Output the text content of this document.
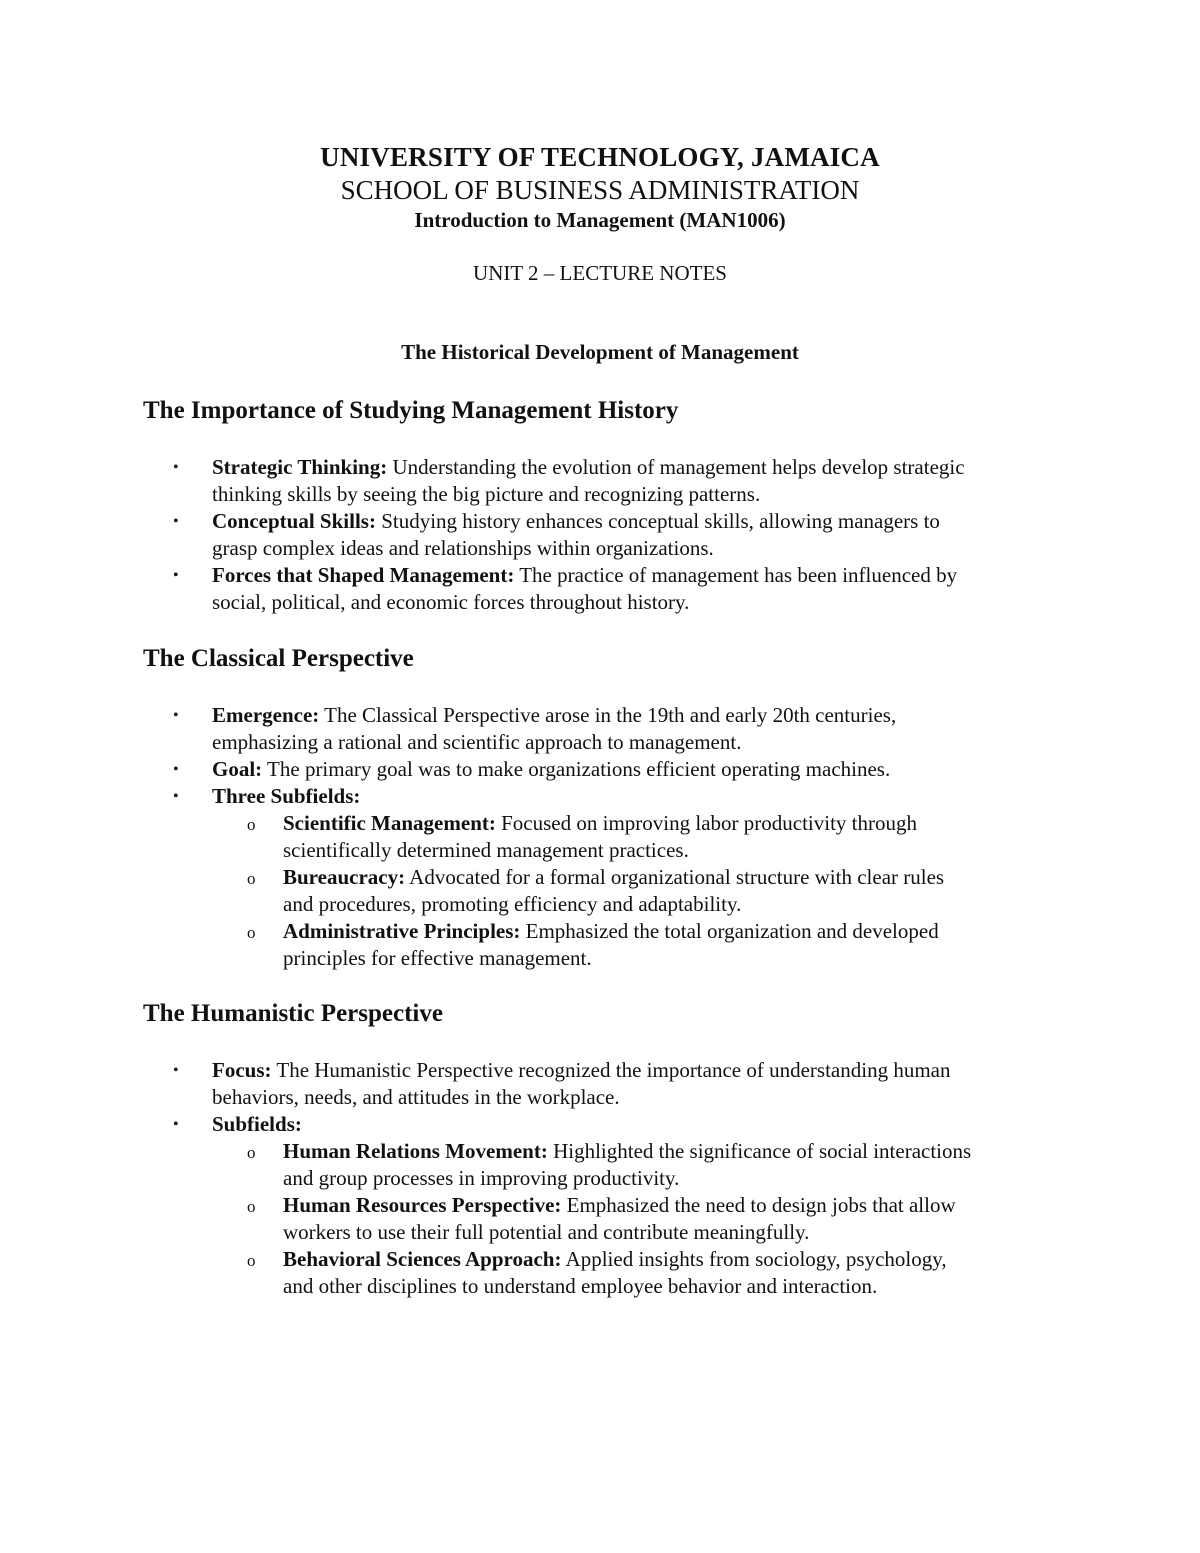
UNIVERSITY OF TECHNOLOGY, JAMAICA
SCHOOL OF BUSINESS ADMINISTRATION
Introduction to Management (MAN1006)
UNIT 2 – LECTURE NOTES
The Historical Development of Management
The Importance of Studying Management History
• Strategic Thinking: Understanding the evolution of management helps develop strategic
thinking skills by seeing the big picture and recognizing patterns.
• Conceptual Skills: Studying history enhances conceptual skills, allowing managers to
grasp complex ideas and relationships within organizations.
• Forces that Shaped Management: The practice of management has been influenced by
social, political, and economic forces throughout history.
The Classical Perspective
• Emergence: The Classical Perspective arose in the 19th and early 20th centuries,
emphasizing a rational and scientific approach to management.
• Goal: The primary goal was to make organizations efficient operating machines.
• Three Subfields:
o Scientific Management: Focused on improving labor productivity through
scientifically determined management practices.
o Bureaucracy: Advocated for a formal organizational structure with clear rules
and procedures, promoting efficiency and adaptability.
o Administrative Principles: Emphasized the total organization and developed
principles for effective management.
The Humanistic Perspective
• Focus: The Humanistic Perspective recognized the importance of understanding human
behaviors, needs, and attitudes in the workplace.
• Subfields:
o Human Relations Movement: Highlighted the significance of social interactions
and group processes in improving productivity.
o Human Resources Perspective: Emphasized the need to design jobs that allow
workers to use their full potential and contribute meaningfully.
o Behavioral Sciences Approach: Applied insights from sociology, psychology,
and other disciplines to understand employee behavior and interaction.
